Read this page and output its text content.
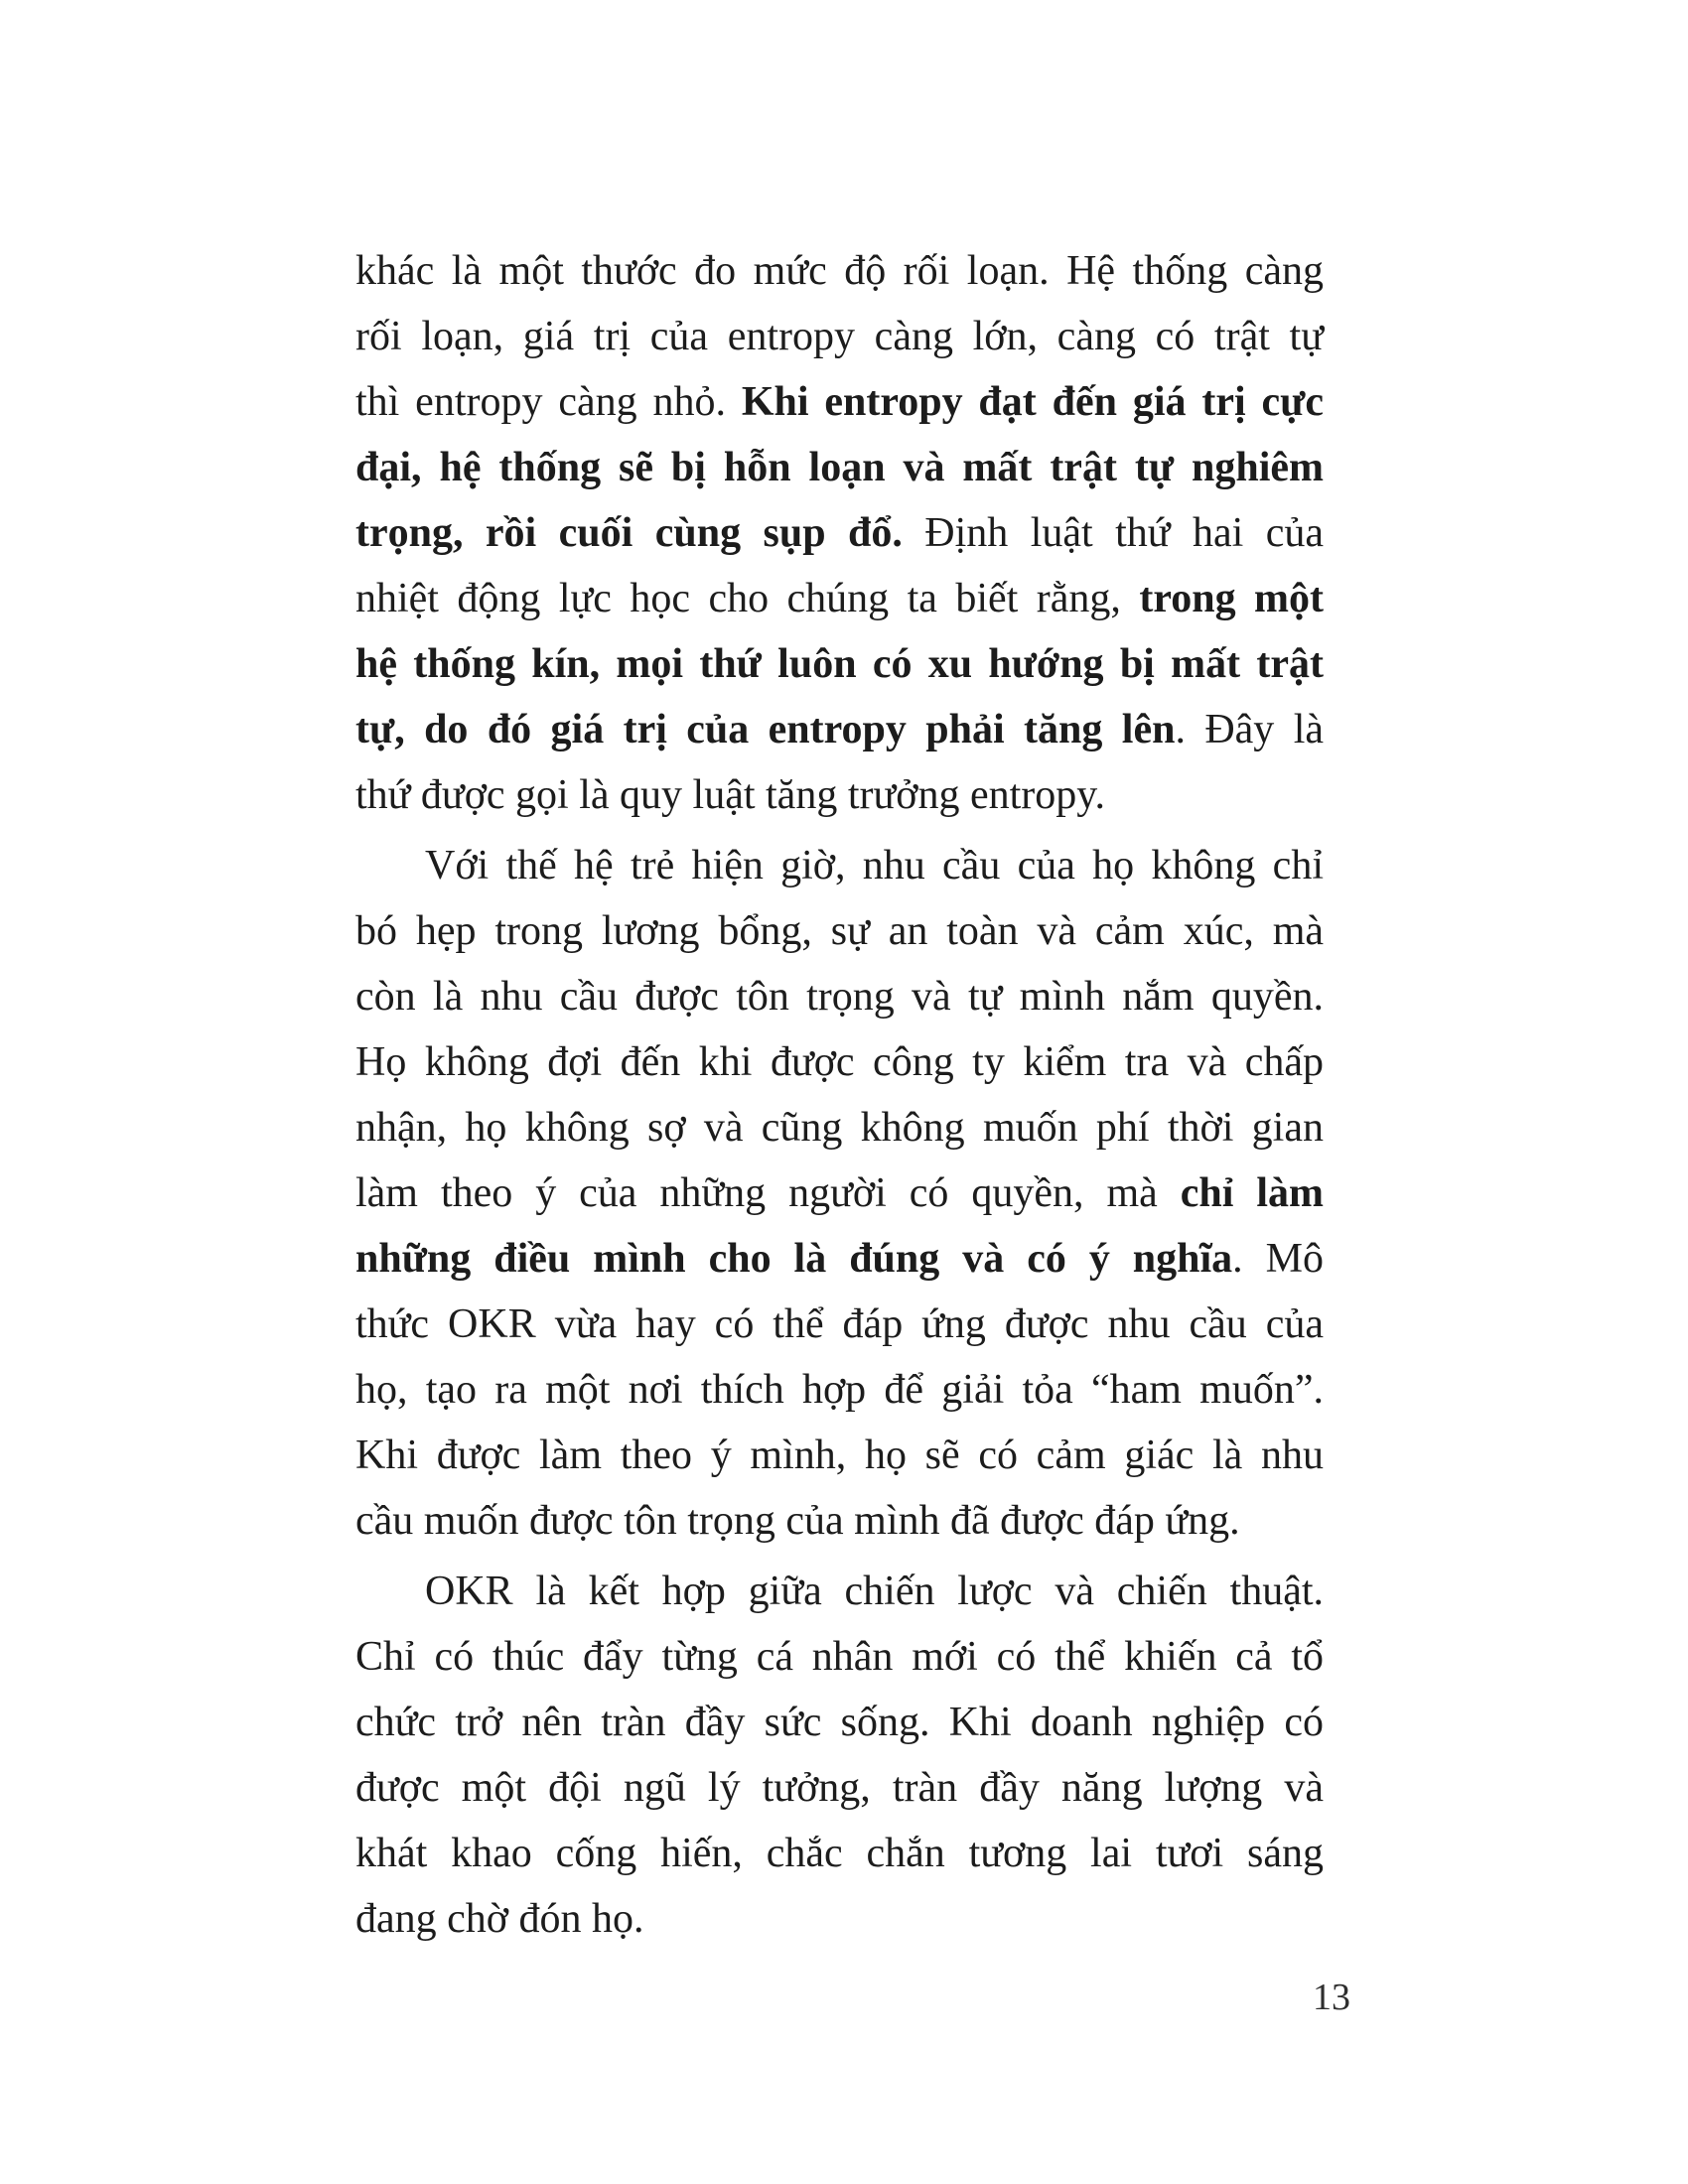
khác là một thước đo mức độ rối loạn. Hệ thống càng
rối loạn, giá trị của entropy càng lớn, càng có trật tự
thì entropy càng nhỏ. Khi entropy đạt đến giá trị cực
đại, hệ thống sẽ bị hỗn loạn và mất trật tự nghiêm
trọng, rồi cuối cùng sụp đổ. Định luật thứ hai của
nhiệt động lực học cho chúng ta biết rằng, trong một
hệ thống kín, mọi thứ luôn có xu hướng bị mất trật
tự, do đó giá trị của entropy phải tăng lên. Đây là
thứ được gọi là quy luật tăng trưởng entropy.
Với thế hệ trẻ hiện giờ, nhu cầu của họ không chỉ
bó hẹp trong lương bổng, sự an toàn và cảm xúc, mà
còn là nhu cầu được tôn trọng và tự mình nắm quyền.
Họ không đợi đến khi được công ty kiểm tra và chấp
nhận, họ không sợ và cũng không muốn phí thời gian
làm theo ý của những người có quyền, mà chỉ làm
những điều mình cho là đúng và có ý nghĩa. Mô
thức OKR vừa hay có thể đáp ứng được nhu cầu của
họ, tạo ra một nơi thích hợp để giải tỏa “ham muốn”.
Khi được làm theo ý mình, họ sẽ có cảm giác là nhu
cầu muốn được tôn trọng của mình đã được đáp ứng.
OKR là kết hợp giữa chiến lược và chiến thuật.
Chỉ có thúc đẩy từng cá nhân mới có thể khiến cả tổ
chức trở nên tràn đầy sức sống. Khi doanh nghiệp có
được một đội ngũ lý tưởng, tràn đầy năng lượng và
khát khao cống hiến, chắc chắn tương lai tươi sáng
đang chờ đón họ.
13
